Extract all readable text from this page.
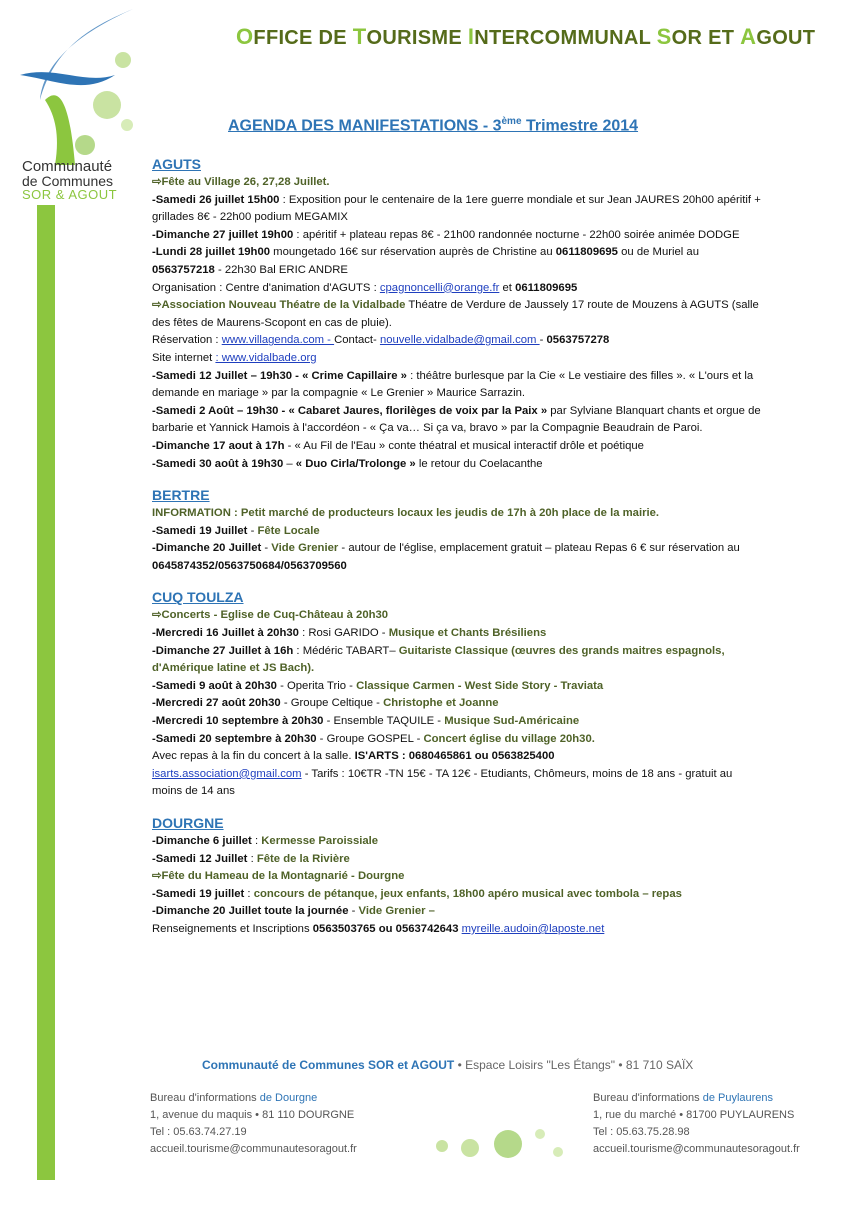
Communauté
de Communes
SOR & AGOUT
OFFICE DE TOURISME INTERCOMMUNAL SOR ET AGOUT
AGENDA DES MANIFESTATIONS - 3ème Trimestre 2014
AGUTS

⇨Fête au Village 26, 27,28 Juillet.

-Samedi 26 juillet 15h00 : Exposition pour le centenaire de la 1ere guerre mondiale et sur Jean JAURES 20h00 apéritif + grillades 8€ - 22h00 podium MEGAMIX

-Dimanche 27 juillet 19h00 : apéritif + plateau repas 8€ - 21h00 randonnée nocturne - 22h00 soirée animée DODGE

-Lundi 28 juillet 19h00 moungetado 16€ sur réservation auprès de Christine au 0611809695 ou de Muriel au 0563757218 - 22h30 Bal ERIC ANDRE

Organisation : Centre d'animation d'AGUTS : cpagnoncelli@orange.fr et 0611809695

⇨Association Nouveau Théatre de la Vidalbade Théatre de Verdure de Jaussely 17 route de Mouzens à AGUTS (salle des fêtes de Maurens-Scopont en cas de pluie).

Réservation : www.villagenda.com - Contact- nouvelle.vidalbade@gmail.com - 0563757278

Site internet : www.vidalbade.org

-Samedi 12 Juillet – 19h30 - « Crime Capillaire » : théâtre burlesque par la Cie « Le vestiaire des filles ». « L'ours et la demande en mariage » par la compagnie « Le Grenier » Maurice Sarrazin.

-Samedi 2 Août – 19h30 - « Cabaret Jaures, florilèges de voix par la Paix » par Sylviane Blanquart chants et orgue de barbarie et Yannick Hamois à l'accordéon - « Ça va… Si ça va, bravo » par la Compagnie Beaudrain de Paroi.

-Dimanche 17 aout à 17h - « Au Fil de l'Eau » conte théatral et musical interactif drôle et poétique

-Samedi 30 août à 19h30 – « Duo Cirla/Trolonge » le retour du Coelacanthe

BERTRE

INFORMATION : Petit marché de producteurs locaux les jeudis de 17h à 20h place de la mairie.

-Samedi 19 Juillet - Fête Locale

-Dimanche 20 Juillet - Vide Grenier - autour de l'église, emplacement gratuit – plateau Repas 6 € sur réservation au 0645874352/0563750684/0563709560

CUQ TOULZA

⇨Concerts - Eglise de Cuq-Château à 20h30

-Mercredi 16 Juillet à 20h30 : Rosi GARIDO - Musique et Chants Brésiliens

-Dimanche 27 Juillet à 16h : Médéric TABART– Guitariste Classique (œuvres des grands maitres espagnols, d'Amérique latine et JS Bach).

-Samedi 9 août à 20h30 - Operita Trio - Classique Carmen - West Side Story - Traviata

-Mercredi 27 août 20h30 - Groupe Celtique - Christophe et Joanne

-Mercredi 10 septembre à 20h30 - Ensemble TAQUILE - Musique Sud-Américaine

-Samedi 20 septembre à 20h30 - Groupe GOSPEL - Concert église du village 20h30.

Avec repas à la fin du concert à la salle. IS'ARTS : 0680465861 ou 0563825400

isarts.association@gmail.com - Tarifs : 10€TR -TN 15€ - TA 12€ - Etudiants, Chômeurs, moins de 18 ans - gratuit au moins de 14 ans

DOURGNE

-Dimanche 6 juillet : Kermesse Paroissiale

-Samedi 12 Juillet : Fête de la Rivière

⇨Fête du Hameau de la Montagnarié - Dourgne

-Samedi 19 juillet : concours de pétanque, jeux enfants, 18h00 apéro musical avec tombola – repas

-Dimanche 20 Juillet toute la journée - Vide Grenier –

Renseignements et Inscriptions 0563503765 ou 0563742643 myreille.audoin@laposte.net

Communauté de Communes SOR et AGOUT • Espace Loisirs "Les Étangs" • 81 710 SAÏX
Bureau d'informations de Dourgne
1, avenue du maquis • 81 110 DOURGNE
Tel : 05.63.74.27.19
accueil.tourisme@communautesoragout.fr
Bureau d'informations de Puylaurens
1, rue du marché • 81700 PUYLAURENS
Tel : 05.63.75.28.98
accueil.tourisme@communautesoragout.fr
